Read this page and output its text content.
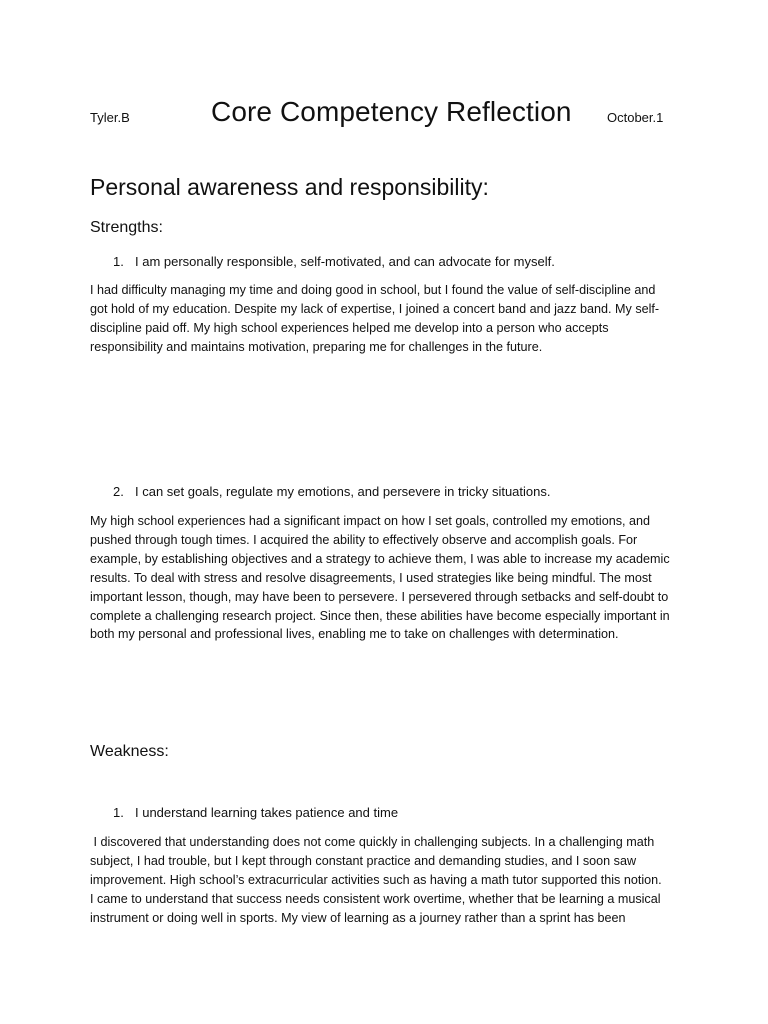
Tyler.B	Core Competency Reflection	October.1
Personal awareness and responsibility:
Strengths:
1. I am personally responsible, self-motivated, and can advocate for myself.
I had difficulty managing my time and doing good in school, but I found the value of self-discipline and
got hold of my education. Despite my lack of expertise, I joined a concert band and jazz band. My self-
discipline paid off. My high school experiences helped me develop into a person who accepts
responsibility and maintains motivation, preparing me for challenges in the future.
2. I can set goals, regulate my emotions, and persevere in tricky situations.
My high school experiences had a significant impact on how I set goals, controlled my emotions, and
pushed through tough times. I acquired the ability to effectively observe and accomplish goals. For
example, by establishing objectives and a strategy to achieve them, I was able to increase my academic
results. To deal with stress and resolve disagreements, I used strategies like being mindful. The most
important lesson, though, may have been to persevere. I persevered through setbacks and self-doubt to
complete a challenging research project. Since then, these abilities have become especially important in
both my personal and professional lives, enabling me to take on challenges with determination.
Weakness:
1. I understand learning takes patience and time
I discovered that understanding does not come quickly in challenging subjects. In a challenging math
subject, I had trouble, but I kept through constant practice and demanding studies, and I soon saw
improvement. High school’s extracurricular activities such as having a math tutor supported this notion.
I came to understand that success needs consistent work overtime, whether that be learning a musical
instrument or doing well in sports. My view of learning as a journey rather than a sprint has been
